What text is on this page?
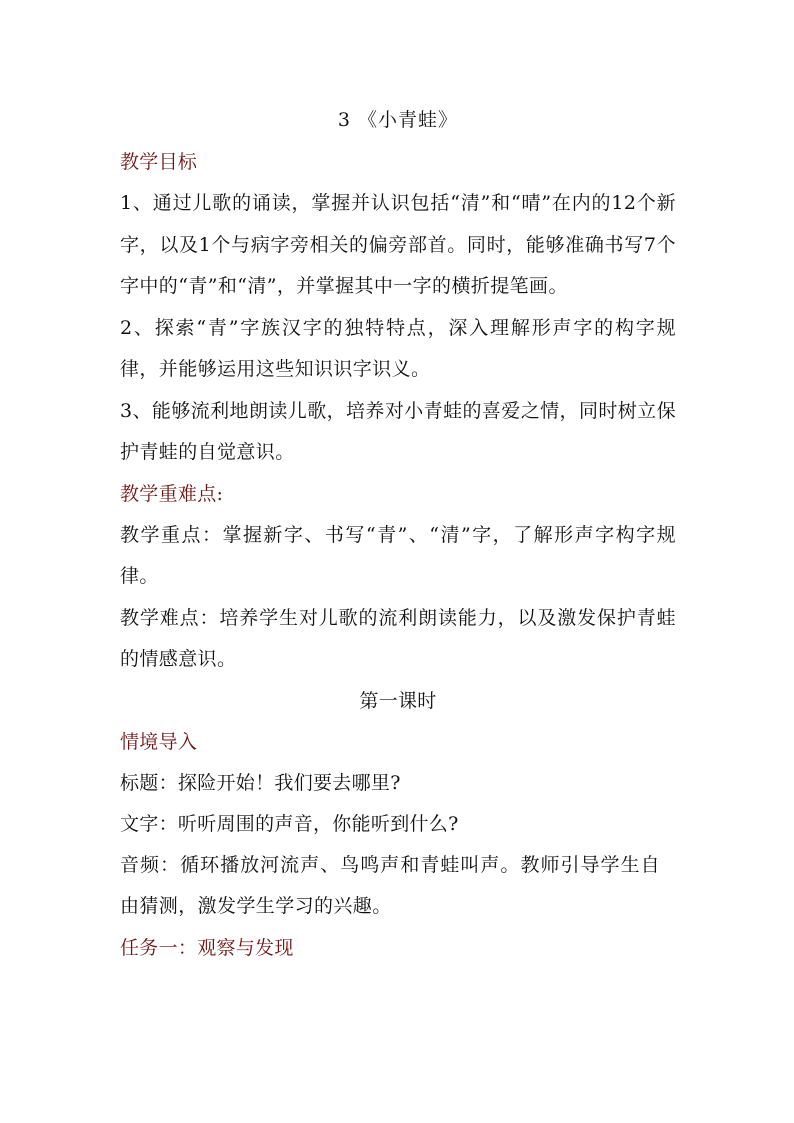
3 《小青蛙》
教学目标

1、通过儿歌的诵读，掌握并认识包括“清”和“晴”在内的12个新字，以及1个与病字旁相关的偏旁部首。同时，能够准确书写7个字中的“青”和“清”，并掌握其中一字的横折提笔画。

2、探索“青”字族汉字的独特特点，深入理解形声字的构字规律，并能够运用这些知识识字识义。

3、能够流利地朗读儿歌，培养对小青蛙的喜爱之情，同时树立保护青蛙的自觉意识。

教学重难点:

教学重点：掌握新字、书写“青”、“清”字，了解形声字构字规律。

教学难点：培养学生对儿歌的流利朗读能力，以及激发保护青蛙的情感意识。

第一课时
情境导入
标题：探险开始！我们要去哪里?
文字：听听周围的声音，你能听到什么?

音频：循环播放河流声、鸟鸣声和青蛙叫声。教师引导学生自由猜测，激发学生学习的兴趣。

任务一：观察与发现
